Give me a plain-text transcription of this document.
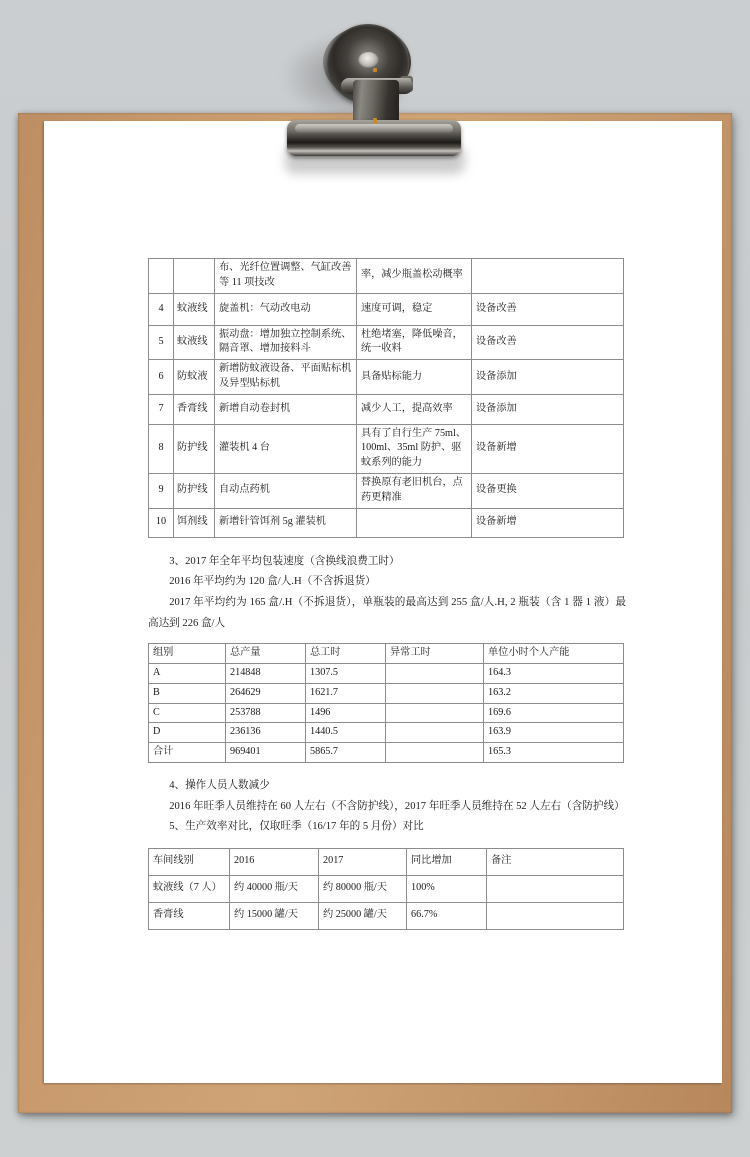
		布、光纤位置调整、气缸改善等 11 项技改	率，减少瓶盖松动概率	
4	蚊液线	旋盖机：气动改电动	速度可调，稳定	设备改善
5	蚊液线	振动盘：增加独立控制系统、隔音罩、增加接料斗	杜绝堵塞，降低噪音，统一收料	设备改善
6	防蚊液	新增防蚊液设备、平面贴标机及异型贴标机	具备贴标能力	设备添加
7	香膏线	新增自动卷封机	减少人工，提高效率	设备添加
8	防护线	灌装机 4 台	具有了自行生产 75ml、100ml、35ml 防护、驱蚊系列的能力	设备新增
9	防护线	自动点药机	替换原有老旧机台，点药更精准	设备更换
10	饵剂线	新增针管饵剂 5g 灌装机		设备新增

3、2017 年全年平均包装速度（含换线浪费工时）

2016 年平均约为 120 盒/人.H（不含拆退货）

2017 年平均约为 165 盒/.H（不拆退货），单瓶装的最高达到 255 盒/人.H, 2 瓶装（含 1 器 1 液）最高达到 226 盒/人

组别	总产量	总工时	异常工时	单位小时个人产能
A	214848	1307.5		164.3
B	264629	1621.7		163.2
C	253788	1496		169.6
D	236136	1440.5		163.9
合计	969401	5865.7		165.3

4、操作人员人数减少

2016 年旺季人员维持在 60 人左右（不含防护线），2017 年旺季人员维持在 52 人左右（含防护线）

5、生产效率对比，仅取旺季（16/17 年的 5 月份）对比

车间线别	2016	2017	同比增加	备注
蚊液线（7 人）	约 40000 瓶/天	约 80000 瓶/天	100%	
香膏线	约 15000 罐/天	约 25000 罐/天	66.7%	
